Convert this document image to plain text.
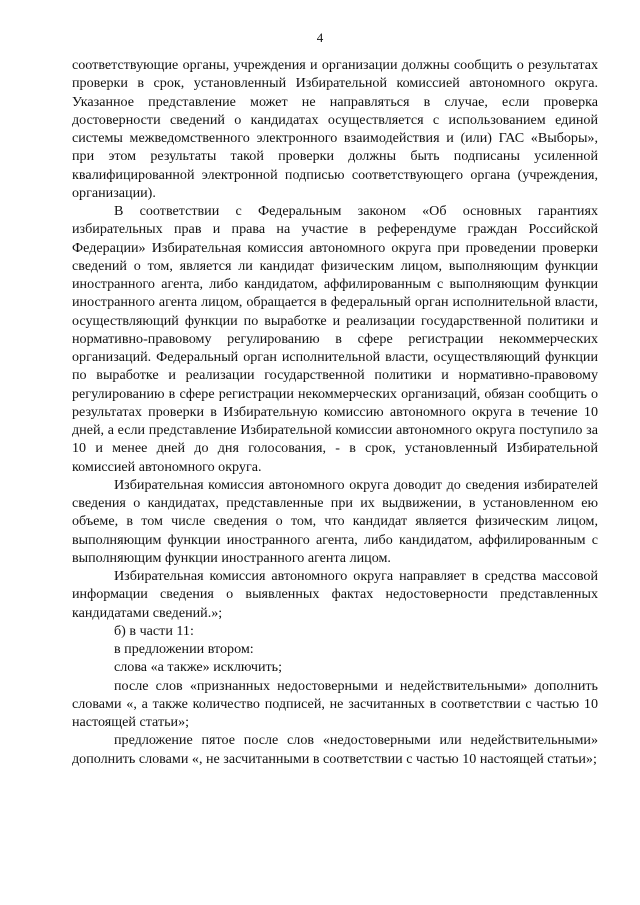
4

соответствующие органы, учреждения и организации должны сообщить о результатах проверки в срок, установленный Избирательной комиссией автономного округа. Указанное представление может не направляться в случае, если проверка достоверности сведений о кандидатах осуществляется с использованием единой системы межведомственного электронного взаимодействия и (или) ГАС «Выборы», при этом результаты такой проверки должны быть подписаны усиленной квалифицированной электронной подписью соответствующего органа (учреждения, организации).

В соответствии с Федеральным законом «Об основных гарантиях избирательных прав и права на участие в референдуме граждан Российской Федерации» Избирательная комиссия автономного округа при проведении проверки сведений о том, является ли кандидат физическим лицом, выполняющим функции иностранного агента, либо кандидатом, аффилированным с выполняющим функции иностранного агента лицом, обращается в федеральный орган исполнительной власти, осуществляющий функции по выработке и реализации государственной политики и нормативно-правовому регулированию в сфере регистрации некоммерческих организаций. Федеральный орган исполнительной власти, осуществляющий функции по выработке и реализации государственной политики и нормативно-правовому регулированию в сфере регистрации некоммерческих организаций, обязан сообщить о результатах проверки в Избирательную комиссию автономного округа в течение 10 дней, а если представление Избирательной комиссии автономного округа поступило за 10 и менее дней до дня голосования, - в срок, установленный Избирательной комиссией автономного округа.

Избирательная комиссия автономного округа доводит до сведения избирателей сведения о кандидатах, представленные при их выдвижении, в установленном ею объеме, в том числе сведения о том, что кандидат является физическим лицом, выполняющим функции иностранного агента, либо кандидатом, аффилированным с выполняющим функции иностранного агента лицом.

Избирательная комиссия автономного округа направляет в средства массовой информации сведения о выявленных фактах недостоверности представленных кандидатами сведений.»;

б) в части 11:

в предложении втором:

слова «а также» исключить;

после слов «признанных недостоверными и недействительными» дополнить словами «, а также количество подписей, не засчитанных в соответствии с частью 10 настоящей статьи»;

предложение пятое после слов «недостоверными или недействительными» дополнить словами «, не засчитанными в соответствии с частью 10 настоящей статьи»;
